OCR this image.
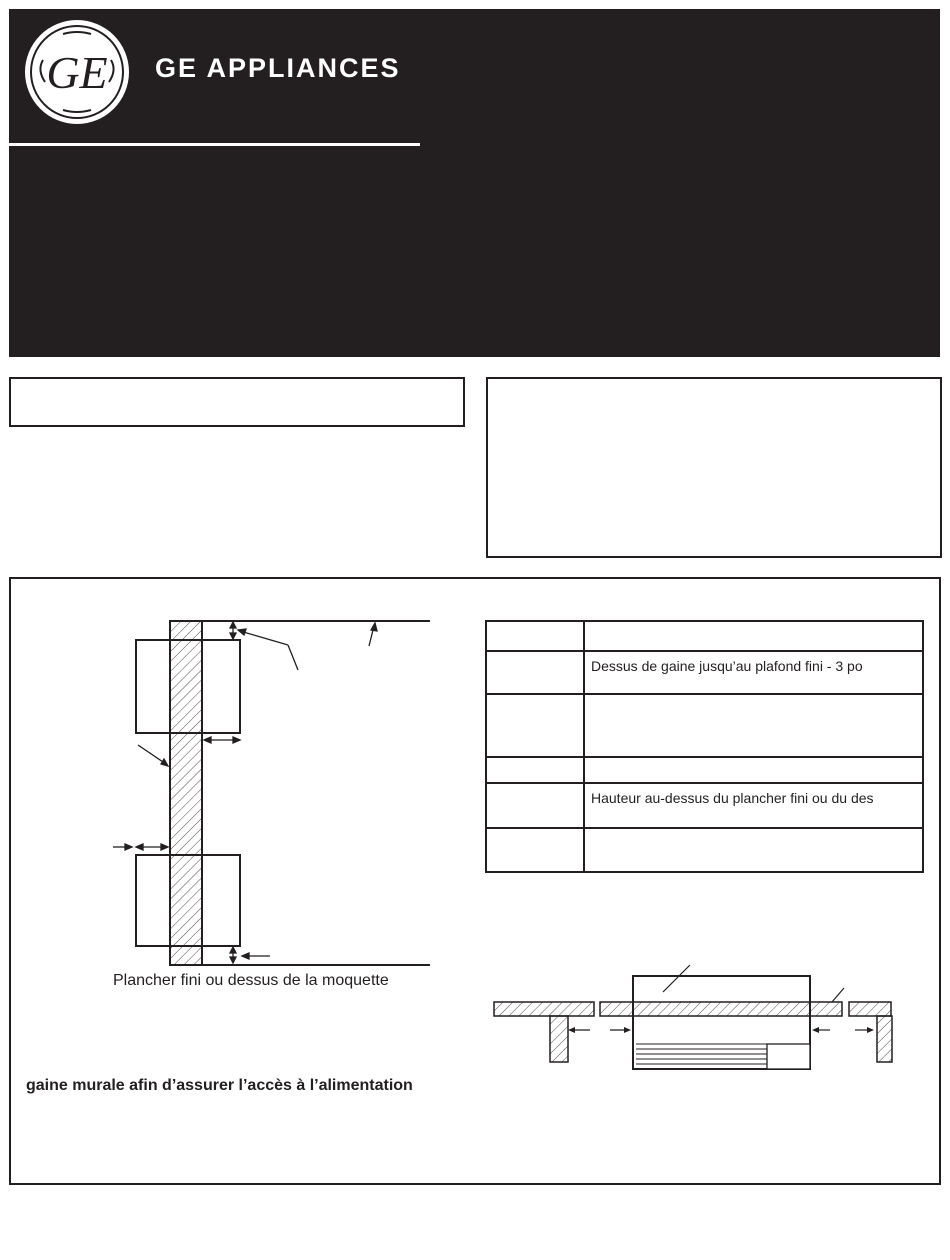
GE GE APPLIANCES
Plancher fini ou dessus de la moquette
gaine murale afin d’assurer l’accès à l’alimentation

	Dessus de gaine jusqu’au plafond fini - 3 po

	Hauteur au-dessus du plancher fini ou du des
